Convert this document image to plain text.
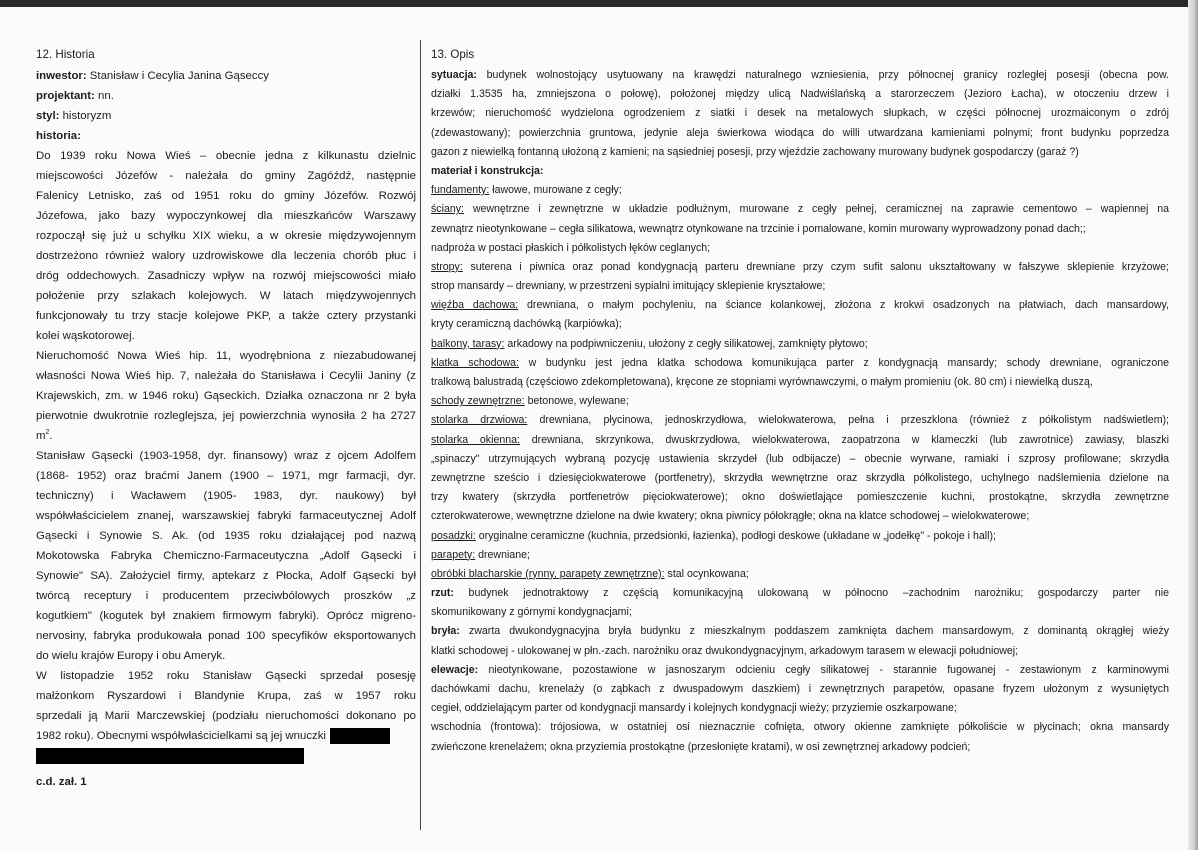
12. Historia
inwestor: Stanisław i Cecylia Janina Gąseccy
projektant: nn.
styl: historyzm
historia:
Do 1939 roku Nowa Wieś – obecnie jedna z kilkunastu dzielnic
miejscowości Józefów - należała do gminy Zagóźdź, następnie
Falenicy Letnisko, zaś od 1951 roku do gminy Józefów. Rozwój
Józefowa, jako bazy wypoczynkowej dla mieszkańców Warszawy
rozpoczął się już u schyłku XIX wieku, a w okresie międzywojennym
dostrzeżono również walory uzdrowiskowe dla leczenia chorób płuc i
dróg oddechowych. Zasadniczy wpływ na rozwój miejscowości miało
położenie przy szlakach kolejowych. W latach międzywojennych
funkcjonowały tu trzy stacje kolejowe PKP, a także cztery przystanki
kolei wąskotorowej.
Nieruchomość Nowa Wieś hip. 11, wyodrębniona z niezabudowanej
własności Nowa Wieś hip. 7, należała do Stanisława i Cecylii Janiny (z
Krajewskich, zm. w 1946 roku) Gąseckich. Działka oznaczona nr 2 była
pierwotnie dwukrotnie rozleglejsza, jej powierzchnia wynosiła 2 ha 2727
$m^2$.
Stanisław Gąsecki (1903-1958, dyr. finansowy) wraz z ojcem Adolfem
(1868- 1952) oraz braćmi Janem (1900 – 1971, mgr farmacji, dyr.
techniczny) i Wacławem (1905- 1983, dyr. naukowy) był
współwłaścicielem znanej, warszawskiej fabryki farmaceutycznej Adolf
Gąsecki i Synowie S. Ak. (od 1935 roku działającej pod nazwą
Mokotowska Fabryka Chemiczno-Farmaceutyczna „Adolf Gąsecki i
Synowie" SA). Założyciel firmy, aptekarz z Płocka, Adolf Gąsecki był
twórcą receptury i producentem przeciwbólowych proszków „z
kogutkiem" (kogutek był znakiem firmowym fabryki). Oprócz migreno-
nervosiny, fabryka produkowała ponad 100 specyfików eksportowanych
do wielu krajów Europy i obu Ameryk.
W listopadzie 1952 roku Stanisław Gąsecki sprzedał posesję
małżonkom Ryszardowi i Blandynie Krupa, zaś w 1957 roku
sprzedali ją Marii Marczewskiej (podziału nieruchomości dokonano po
1982 roku). Obecnymi współwłaścicielkami są jej wnuczki
c.d. zał. 1
13. Opis
sytuacja: budynek wolnostojący usytuowany na krawędzi naturalnego wzniesienia, przy północnej granicy rozległej posesji (obecna pow.
działki 1.3535 ha, zmniejszona o połowę), położonej między ulicą Nadwiślańską a starorzeczem (Jezioro Łacha), w otoczeniu drzew i
krzewów; nieruchomość wydzielona ogrodzeniem z siatki i desek na metalowych słupkach, w części północnej urozmaiconym o zdrój
(zdewastowany); powierzchnia gruntowa, jedynie aleja świerkowa wiodąca do willi utwardzana kamieniami polnymi; front budynku poprzedza
gazon z niewielką fontanną ułożoną z kamieni; na sąsiedniej posesji, przy wjeździe zachowany murowany budynek gospodarczy (garaż ?)
materiał i konstrukcja:
fundamenty: ławowe, murowane z cegły;
ściany: wewnętrzne i zewnętrzne w układzie podłużnym, murowane z cegły pełnej, ceramicznej na zaprawie cementowo – wapiennej na
zewnątrz nieotynkowane – cegła silikatowa, wewnątrz otynkowane na trzcinie i pomalowane, komin murowany wyprowadzony ponad dach;;
nadproża w postaci płaskich i półkolistych łęków ceglanych;
stropy: suterena i piwnica oraz ponad kondygnacją parteru drewniane przy czym sufit salonu ukształtowany w fałszywe sklepienie krzyżowe;
strop mansardy – drewniany, w przestrzeni sypialni imitujący sklepienie kryształowe;
więźba dachowa: drewniana, o małym pochyleniu, na ściance kolankowej, złożona z krokwi osadzonych na płatwiach, dach mansardowy,
kryty ceramiczną dachówką (karpiówka);
balkony, tarasy: arkadowy na podpiwniczeniu, ułożony z cegły silikatowej, zamknięty płytowo;
klatka schodowa: w budynku jest jedna klatka schodowa komunikująca parter z kondygnacją mansardy; schody drewniane, ograniczone
tralkową balustradą (częściowo zdekompletowana), kręcone ze stopniami wyrównawczymi, o małym promieniu (ok. 80 cm) i niewielką duszą,
schody zewnętrzne: betonowe, wylewane;
stolarka drzwiowa: drewniana, płycinowa, jednoskrzydłowa, wielokwaterowa, pełna i przeszklona (również z półkolistym nadświetlem);
stolarka okienna: drewniana, skrzynkowa, dwuskrzydłowa, wielokwaterowa, zaopatrzona w klameczki (lub zawrotnice) zawiasy, blaszki
„spinaczy" utrzymujących wybraną pozycję ustawienia skrzydeł (lub odbijacze) – obecnie wyrwane, ramiaki i szprosy profilowane; skrzydła
zewnętrzne sześcio i dziesięciokwaterowe (portfenetry), skrzydła wewnętrzne oraz skrzydła półkolistego, uchylnego nadślemienia dzielone na
trzy kwatery (skrzydła portfenetrów pięciokwaterowe); okno doświetlające pomieszczenie kuchni, prostokątne, skrzydła zewnętrzne
czterokwaterowe, wewnętrzne dzielone na dwie kwatery; okna piwnicy półokrągłe; okna na klatce schodowej – wielokwaterowe;
posadzki: oryginalne ceramiczne (kuchnia, przedsionki, łazienka), podłogi deskowe (układane w „jodełkę" - pokoje i hall);
parapety: drewniane;
obróbki blacharskie (rynny, parapety zewnętrzne): stal ocynkowana;
rzut: budynek jednotraktowy z częścią komunikacyjną ulokowaną w północno –zachodnim narożniku; gospodarczy parter nie
skomunikowany z górnymi kondygnacjami;
bryła: zwarta dwukondygnacyjna bryła budynku z mieszkalnym poddaszem zamknięta dachem mansardowym, z dominantą okrągłej wieży
klatki schodowej - ulokowanej w płn.-zach. narożniku oraz dwukondygnacyjnym, arkadowym tarasem w elewacji południowej;
elewacje: nieotynkowane, pozostawione w jasnoszarym odcieniu cegły silikatowej - starannie fugowanej - zestawionym z karminowymi
dachówkami dachu, krenelaży (o ząbkach z dwuspadowym daszkiem) i zewnętrznych parapetów, opasane fryzem ułożonym z wysuniętych
cegieł, oddzielającym parter od kondygnacji mansardy i kolejnych kondygnacji wieży; przyziemie oszkarpowane;
wschodnia (frontowa): trójosiowa, w ostatniej osi nieznacznie cofnięta, otwory okienne zamknięte półkoliście w płycinach; okna mansardy
zwieńczone krenelażem; okna przyziemia prostokątne (przesłonięte kratami), w osi zewnętrznej arkadowy podcień;
